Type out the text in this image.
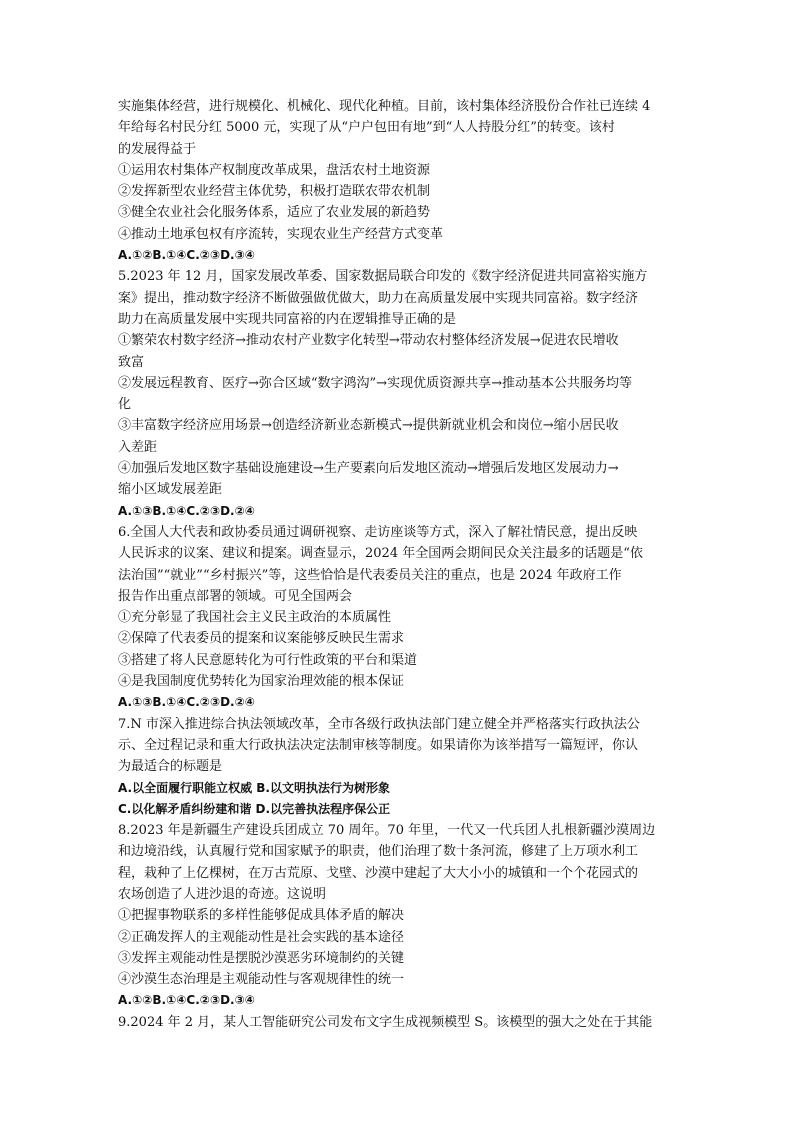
实施集体经营，进行规模化、机械化、现代化种植。目前，该村集体经济股份合作社已连续 4
年给每名村民分红 5000 元，实现了从“户户包田有地”到“人人持股分红”的转变。该村
的发展得益于
①运用农村集体产权制度改革成果，盘活农村土地资源
②发挥新型农业经营主体优势，积极打造联农带农机制
③健全农业社会化服务体系，适应了农业发展的新趋势
④推动土地承包权有序流转，实现农业生产经营方式变革
A.①②B.①④C.②③D.③④
5.2023 年 12 月，国家发展改革委、国家数据局联合印发的《数字经济促进共同富裕实施方
案》提出，推动数字经济不断做强做优做大，助力在高质量发展中实现共同富裕。数字经济
助力在高质量发展中实现共同富裕的内在逻辑推导正确的是
①繁荣农村数字经济→推动农村产业数字化转型→带动农村整体经济发展→促进农民增收
致富
②发展远程教育、医疗→弥合区域“数字鸿沟”→实现优质资源共享→推动基本公共服务均等
化
③丰富数字经济应用场景→创造经济新业态新模式→提供新就业机会和岗位→缩小居民收
入差距
④加强后发地区数字基础设施建设→生产要素向后发地区流动→增强后发地区发展动力→
缩小区域发展差距
A.①③B.①④C.②③D.②④
6.全国人大代表和政协委员通过调研视察、走访座谈等方式，深入了解社情民意，提出反映
人民诉求的议案、建议和提案。调查显示，2024 年全国两会期间民众关注最多的话题是“依
法治国”“就业”“乡村振兴”等，这些恰恰是代表委员关注的重点，也是 2024 年政府工作
报告作出重点部署的领域。可见全国两会
①充分彰显了我国社会主义民主政治的本质属性
②保障了代表委员的提案和议案能够反映民生需求
③搭建了将人民意愿转化为可行性政策的平台和渠道
④是我国制度优势转化为国家治理效能的根本保证
A.①③B.①④C.②③D.②④
7.N 市深入推进综合执法领域改革，全市各级行政执法部门建立健全并严格落实行政执法公
示、全过程记录和重大行政执法决定法制审核等制度。如果请你为该举措写一篇短评，你认
为最适合的标题是
A.以全面履行职能立权威 B.以文明执法行为树形象
C.以化解矛盾纠纷建和谐 D.以完善执法程序保公正
8.2023 年是新疆生产建设兵团成立 70 周年。70 年里，一代又一代兵团人扎根新疆沙漠周边
和边境沿线，认真履行党和国家赋予的职责，他们治理了数十条河流，修建了上万项水利工
程，栽种了上亿棵树，在万古荒原、戈壁、沙漠中建起了大大小小的城镇和一个个花园式的
农场创造了人进沙退的奇迹。这说明
①把握事物联系的多样性能够促成具体矛盾的解决
②正确发挥人的主观能动性是社会实践的基本途径
③发挥主观能动性是摆脱沙漠恶劣环境制约的关键
④沙漠生态治理是主观能动性与客观规律性的统一
A.①②B.①④C.②③D.③④
9.2024 年 2 月，某人工智能研究公司发布文字生成视频模型 S。该模型的强大之处在于其能
